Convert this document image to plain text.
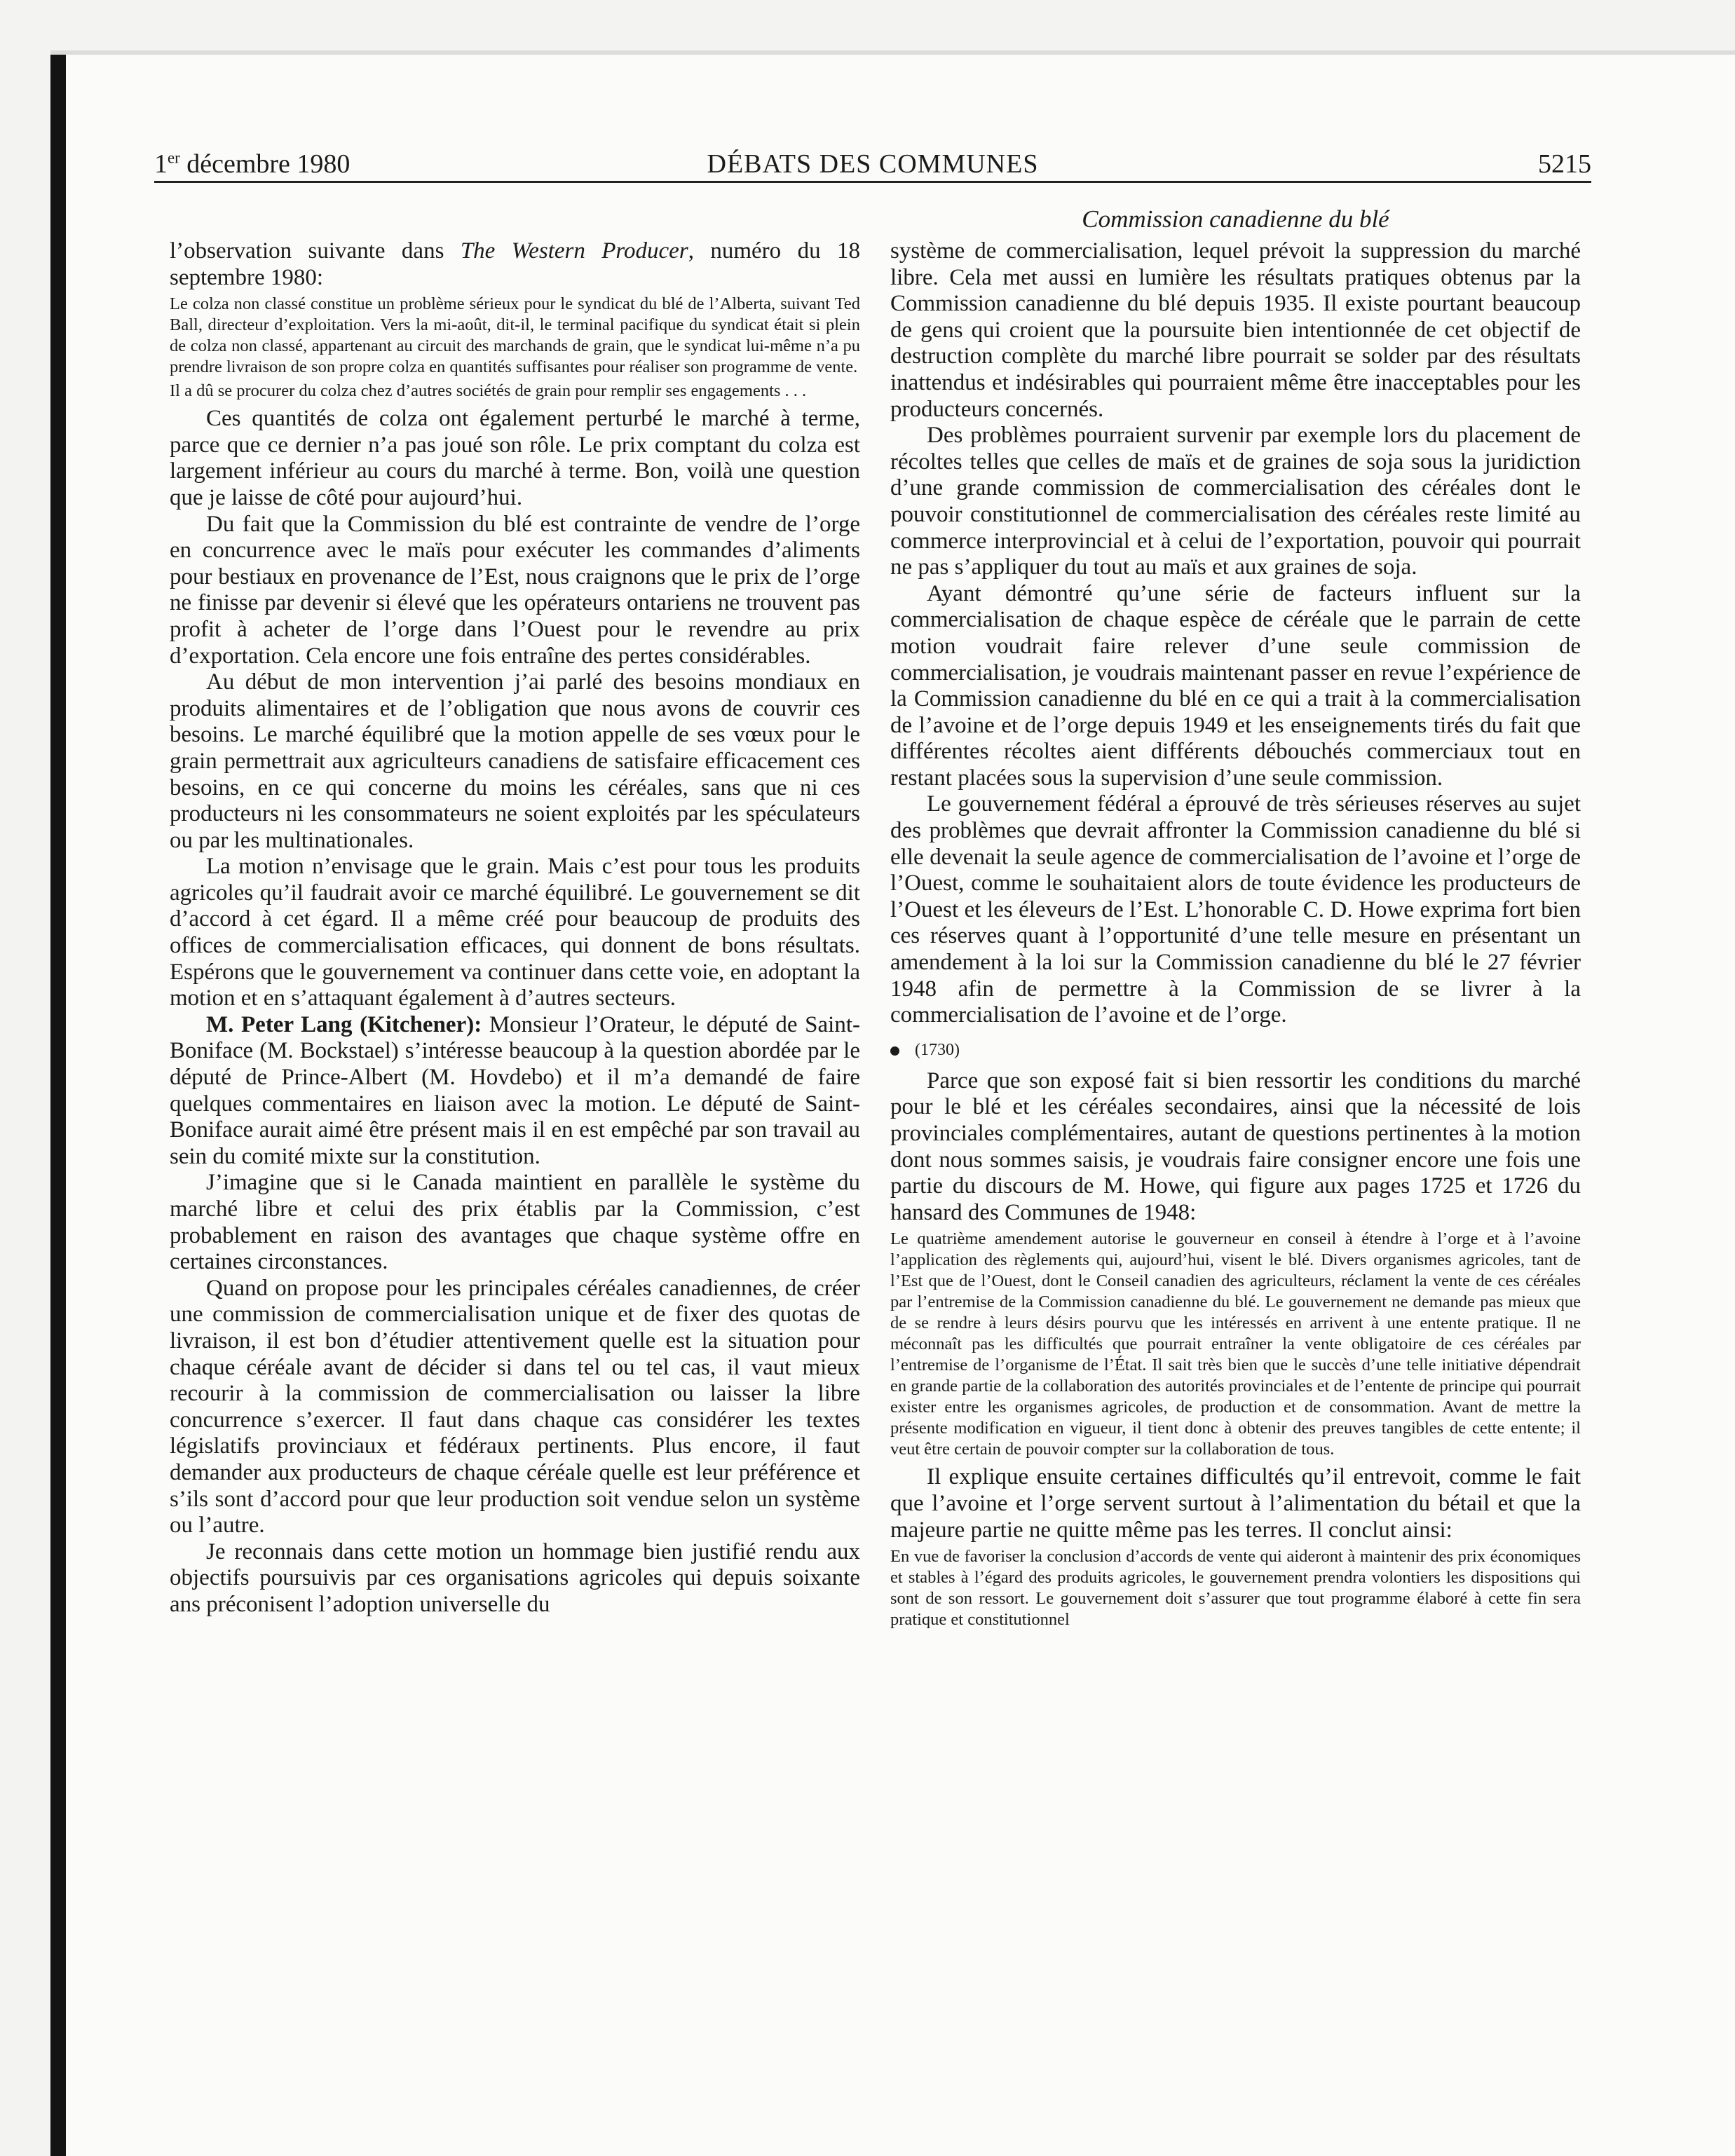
1er décembre 1980	DÉBATS DES COMMUNES	5215

l’observation suivante dans The Western Producer, numéro du 18 septembre 1980:

Le colza non classé constitue un problème sérieux pour le syndicat du blé de l’Alberta, suivant Ted Ball, directeur d’exploitation. Vers la mi-août, dit-il, le terminal pacifique du syndicat était si plein de colza non classé, appartenant au circuit des marchands de grain, que le syndicat lui-même n’a pu prendre livraison de son propre colza en quantités suffisantes pour réaliser son programme de vente.

Il a dû se procurer du colza chez d’autres sociétés de grain pour remplir ses engagements . . .

Ces quantités de colza ont également perturbé le marché à terme, parce que ce dernier n’a pas joué son rôle. Le prix comptant du colza est largement inférieur au cours du marché à terme. Bon, voilà une question que je laisse de côté pour aujourd’hui.

Du fait que la Commission du blé est contrainte de vendre de l’orge en concurrence avec le maïs pour exécuter les commandes d’aliments pour bestiaux en provenance de l’Est, nous craignons que le prix de l’orge ne finisse par devenir si élevé que les opérateurs ontariens ne trouvent pas profit à acheter de l’orge dans l’Ouest pour le revendre au prix d’exportation. Cela encore une fois entraîne des pertes considérables.

Au début de mon intervention j’ai parlé des besoins mondiaux en produits alimentaires et de l’obligation que nous avons de couvrir ces besoins. Le marché équilibré que la motion appelle de ses vœux pour le grain permettrait aux agriculteurs canadiens de satisfaire efficacement ces besoins, en ce qui concerne du moins les céréales, sans que ni ces producteurs ni les consommateurs ne soient exploités par les spéculateurs ou par les multinationales.

La motion n’envisage que le grain. Mais c’est pour tous les produits agricoles qu’il faudrait avoir ce marché équilibré. Le gouvernement se dit d’accord à cet égard. Il a même créé pour beaucoup de produits des offices de commercialisation efficaces, qui donnent de bons résultats. Espérons que le gouvernement va continuer dans cette voie, en adoptant la motion et en s’attaquant également à d’autres secteurs.

M. Peter Lang (Kitchener): Monsieur l’Orateur, le député de Saint-Boniface (M. Bockstael) s’intéresse beaucoup à la question abordée par le député de Prince-Albert (M. Hovdebo) et il m’a demandé de faire quelques commentaires en liaison avec la motion. Le député de Saint-Boniface aurait aimé être présent mais il en est empêché par son travail au sein du comité mixte sur la constitution.

J’imagine que si le Canada maintient en parallèle le système du marché libre et celui des prix établis par la Commission, c’est probablement en raison des avantages que chaque système offre en certaines circonstances.

Quand on propose pour les principales céréales canadiennes, de créer une commission de commercialisation unique et de fixer des quotas de livraison, il est bon d’étudier attentivement quelle est la situation pour chaque céréale avant de décider si dans tel ou tel cas, il vaut mieux recourir à la commission de commercialisation ou laisser la libre concurrence s’exercer. Il faut dans chaque cas considérer les textes législatifs provinciaux et fédéraux pertinents. Plus encore, il faut demander aux producteurs de chaque céréale quelle est leur préférence et s’ils sont d’accord pour que leur production soit vendue selon un système ou l’autre.

Je reconnais dans cette motion un hommage bien justifié rendu aux objectifs poursuivis par ces organisations agricoles qui depuis soixante ans préconisent l’adoption universelle du

Commission canadienne du blé

système de commercialisation, lequel prévoit la suppression du marché libre. Cela met aussi en lumière les résultats pratiques obtenus par la Commission canadienne du blé depuis 1935. Il existe pourtant beaucoup de gens qui croient que la poursuite bien intentionnée de cet objectif de destruction complète du marché libre pourrait se solder par des résultats inattendus et indésirables qui pourraient même être inacceptables pour les producteurs concernés.

Des problèmes pourraient survenir par exemple lors du placement de récoltes telles que celles de maïs et de graines de soja sous la juridiction d’une grande commission de commercialisation des céréales dont le pouvoir constitutionnel de commercialisation des céréales reste limité au commerce interprovincial et à celui de l’exportation, pouvoir qui pourrait ne pas s’appliquer du tout au maïs et aux graines de soja.

Ayant démontré qu’une série de facteurs influent sur la commercialisation de chaque espèce de céréale que le parrain de cette motion voudrait faire relever d’une seule commission de commercialisation, je voudrais maintenant passer en revue l’expérience de la Commission canadienne du blé en ce qui a trait à la commercialisation de l’avoine et de l’orge depuis 1949 et les enseignements tirés du fait que différentes récoltes aient différents débouchés commerciaux tout en restant placées sous la supervision d’une seule commission.

Le gouvernement fédéral a éprouvé de très sérieuses réserves au sujet des problèmes que devrait affronter la Commission canadienne du blé si elle devenait la seule agence de commercialisation de l’avoine et l’orge de l’Ouest, comme le souhaitaient alors de toute évidence les producteurs de l’Ouest et les éleveurs de l’Est. L’honorable C. D. Howe exprima fort bien ces réserves quant à l’opportunité d’une telle mesure en présentant un amendement à la loi sur la Commission canadienne du blé le 27 février 1948 afin de permettre à la Commission de se livrer à la commercialisation de l’avoine et de l’orge.

(1730)

Parce que son exposé fait si bien ressortir les conditions du marché pour le blé et les céréales secondaires, ainsi que la nécessité de lois provinciales complémentaires, autant de questions pertinentes à la motion dont nous sommes saisis, je voudrais faire consigner encore une fois une partie du discours de M. Howe, qui figure aux pages 1725 et 1726 du hansard des Communes de 1948:

Le quatrième amendement autorise le gouverneur en conseil à étendre à l’orge et à l’avoine l’application des règlements qui, aujourd’hui, visent le blé. Divers organismes agricoles, tant de l’Est que de l’Ouest, dont le Conseil canadien des agriculteurs, réclament la vente de ces céréales par l’entremise de la Commission canadienne du blé. Le gouvernement ne demande pas mieux que de se rendre à leurs désirs pourvu que les intéressés en arrivent à une entente pratique. Il ne méconnaît pas les difficultés que pourrait entraîner la vente obligatoire de ces céréales par l’entremise de l’organisme de l’État. Il sait très bien que le succès d’une telle initiative dépendrait en grande partie de la collaboration des autorités provinciales et de l’entente de principe qui pourrait exister entre les organismes agricoles, de production et de consommation. Avant de mettre la présente modification en vigueur, il tient donc à obtenir des preuves tangibles de cette entente; il veut être certain de pouvoir compter sur la collaboration de tous.

Il explique ensuite certaines difficultés qu’il entrevoit, comme le fait que l’avoine et l’orge servent surtout à l’alimentation du bétail et que la majeure partie ne quitte même pas les terres. Il conclut ainsi:

En vue de favoriser la conclusion d’accords de vente qui aideront à maintenir des prix économiques et stables à l’égard des produits agricoles, le gouvernement prendra volontiers les dispositions qui sont de son ressort. Le gouvernement doit s’assurer que tout programme élaboré à cette fin sera pratique et constitutionnel
